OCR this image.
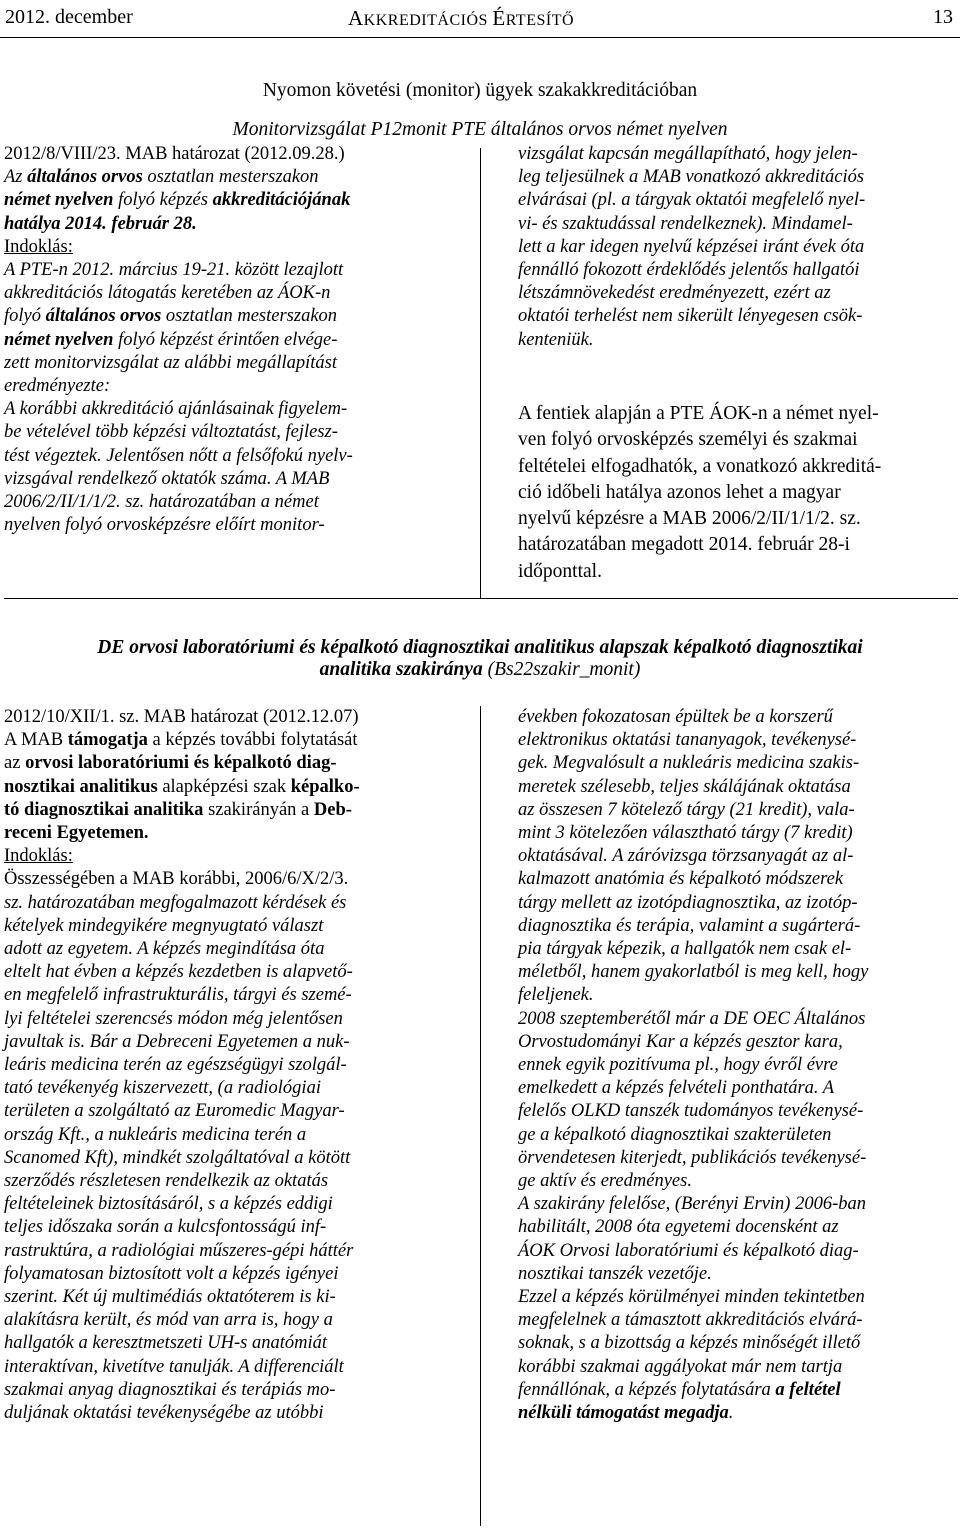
2012. december	AKKREDITÁCIÓS ÉRTESÍTŐ	13
Nyomon követési (monitor) ügyek szakakkreditációban
Monitorvizsgálat P12monit PTE általános orvos német nyelven

2012/8/VIII/23. MAB határozat (2012.09.28.)

Az általános orvos osztatlan mesterszakon

német nyelven folyó képzés akkreditációjának

hatálya 2014. február 28.

Indoklás:

A PTE-n 2012. március 19-21. között lezajlott

akkreditációs látogatás keretében az ÁOK-n

folyó általános orvos osztatlan mesterszakon

német nyelven folyó képzést érintően elvége-

zett monitorvizsgálat az alábbi megállapítást

eredményezte:

A korábbi akkreditáció ajánlásainak figyelem-

be vételével több képzési változtatást, fejlesz-

tést végeztek. Jelentősen nőtt a felsőfokú nyelv-

vizsgával rendelkező oktatók száma. A MAB

2006/2/II/1/1/2. sz. határozatában a német

nyelven folyó orvosképzésre előírt monitor-

vizsgálat kapcsán megállapítható, hogy jelen-

leg teljesülnek a MAB vonatkozó akkreditációs

elvárásai (pl. a tárgyak oktatói megfelelő nyel-

vi- és szaktudással rendelkeznek). Mindamel-

lett a kar idegen nyelvű képzései iránt évek óta

fennálló fokozott érdeklődés jelentős hallgatói

létszámnövekedést eredményezett, ezért az

oktatói terhelést nem sikerült lényegesen csök-

kenteniük.

A fentiek alapján a PTE ÁOK-n a német nyel-

ven folyó orvosképzés személyi és szakmai

feltételei elfogadhatók, a vonatkozó akkreditá-

ció időbeli hatálya azonos lehet a magyar

nyelvű képzésre a MAB 2006/2/II/1/1/2. sz.

határozatában megadott 2014. február 28-i

időponttal.

DE orvosi laboratóriumi és képalkotó diagnosztikai analitikus alapszak képalkotó diagnosztikai
analitika szakiránya (Bs22szakir_monit)

2012/10/XII/1. sz. MAB határozat (2012.12.07)

A MAB támogatja a képzés további folytatását

az orvosi laboratóriumi és képalkotó diag-

nosztikai analitikus alapképzési szak képalko-

tó diagnosztikai analitika szakirányán a Deb-

receni Egyetemen.

Indoklás:

Összességében a MAB korábbi, 2006/6/X/2/3.

sz. határozatában megfogalmazott kérdések és

kételyek mindegyikére megnyugtató választ

adott az egyetem. A képzés megindítása óta

eltelt hat évben a képzés kezdetben is alapvető-

en megfelelő infrastrukturális, tárgyi és szemé-

lyi feltételei szerencsés módon még jelentősen

javultak is. Bár a Debreceni Egyetemen a nuk-

leáris medicina terén az egészségügyi szolgál-

tató tevékenyég kiszervezett, (a radiológiai

területen a szolgáltató az Euromedic Magyar-

ország Kft., a nukleáris medicina terén a

Scanomed Kft), mindkét szolgáltatóval a kötött

szerződés részletesen rendelkezik az oktatás

feltételeinek biztosításáról, s a képzés eddigi

teljes időszaka során a kulcsfontosságú inf-

rastruktúra, a radiológiai műszeres-gépi háttér

folyamatosan biztosított volt a képzés igényei

szerint. Két új multimédiás oktatóterem is ki-

alakításra került, és mód van arra is, hogy a

hallgatók a keresztmetszeti UH-s anatómiát

interaktívan, kivetítve tanulják. A differenciált

szakmai anyag diagnosztikai és terápiás mo-

duljának oktatási tevékenységébe az utóbbi

években fokozatosan épültek be a korszerű

elektronikus oktatási tananyagok, tevékenysé-

gek. Megvalósult a nukleáris medicina szakis-

meretek szélesebb, teljes skálájának oktatása

az összesen 7 kötelező tárgy (21 kredit), vala-

mint 3 kötelezően választható tárgy (7 kredit)

oktatásával. A záróvizsga törzsanyagát az al-

kalmazott anatómia és képalkotó módszerek

tárgy mellett az izotópdiagnosztika, az izotóp-

diagnosztika és terápia, valamint a sugárterá-

pia tárgyak képezik, a hallgatók nem csak el-

méletből, hanem gyakorlatból is meg kell, hogy

feleljenek.

2008 szeptemberétől már a DE OEC Általános

Orvostudományi Kar a képzés gesztor kara,

ennek egyik pozitívuma pl., hogy évről évre

emelkedett a képzés felvételi ponthatára. A

felelős OLKD tanszék tudományos tevékenysé-

ge a képalkotó diagnosztikai szakterületen

örvendetesen kiterjedt, publikációs tevékenysé-

ge aktív és eredményes.

A szakirány felelőse, (Berényi Ervin) 2006-ban

habilitált, 2008 óta egyetemi docensként az

ÁOK Orvosi laboratóriumi és képalkotó diag-

nosztikai tanszék vezetője.

Ezzel a képzés körülményei minden tekintetben

megfelelnek a támasztott akkreditációs elvárá-

soknak, s a bizottság a képzés minőségét illető

korábbi szakmai aggályokat már nem tartja

fennállónak, a képzés folytatására a feltétel

nélküli támogatást megadja.
